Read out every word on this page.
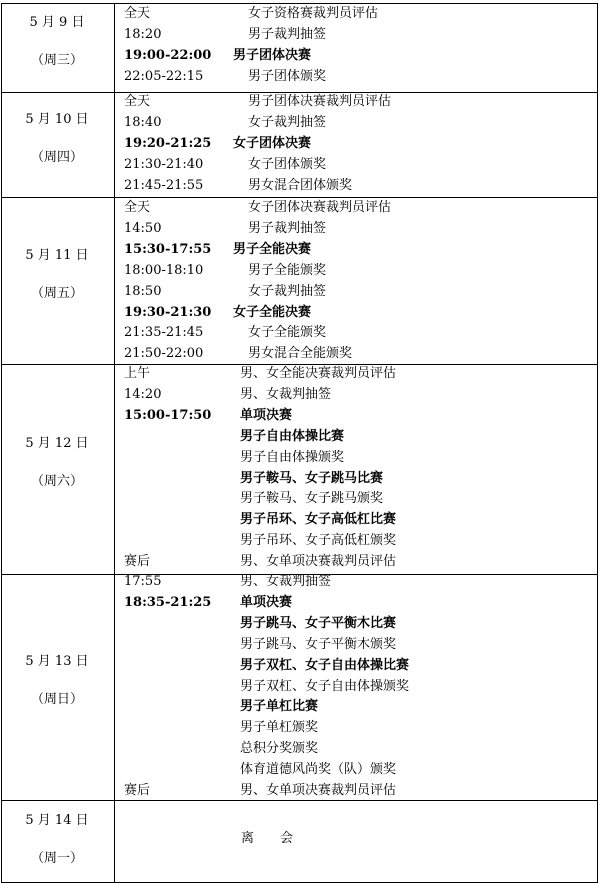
5 月 9 日
（周三）
全天	女子资格赛裁判员评估
18:20	男子裁判抽签
19:00-22:00 男子团体决赛
22:05-22:15	男子团体颁奖
5 月 10 日
（周四）
全天	男子团体决赛裁判员评估
18:40	女子裁判抽签
19:20-21:25 女子团体决赛
21:30-21:40	女子团体颁奖
21:45-21:55	男女混合团体颁奖
5 月 11 日
（周五）
全天	女子团体决赛裁判员评估
14:50	男子裁判抽签
15:30-17:55 男子全能决赛
18:00-18:10	男子全能颁奖
18:50	女子裁判抽签
19:30-21:30 女子全能决赛
21:35-21:45	女子全能颁奖
21:50-22:00	男女混合全能颁奖
5 月 12 日
（周六）
上午	男、女全能决赛裁判员评估
14:20	男、女裁判抽签
15:00-17:50 单项决赛
男子自由体操比赛
男子自由体操颁奖
男子鞍马、女子跳马比赛
男子鞍马、女子跳马颁奖
男子吊环、女子高低杠比赛
男子吊环、女子高低杠颁奖
赛后	男、女单项决赛裁判员评估
5 月 13 日
（周日）
17:55	男、女裁判抽签
18:35-21:25 单项决赛
男子跳马、女子平衡木比赛
男子跳马、女子平衡木颁奖
男子双杠、女子自由体操比赛
男子双杠、女子自由体操颁奖
男子单杠比赛
男子单杠颁奖
总积分奖颁奖
体育道德风尚奖（队）颁奖
赛后	男、女单项决赛裁判员评估
5 月 14 日
（周一）
离　　会
